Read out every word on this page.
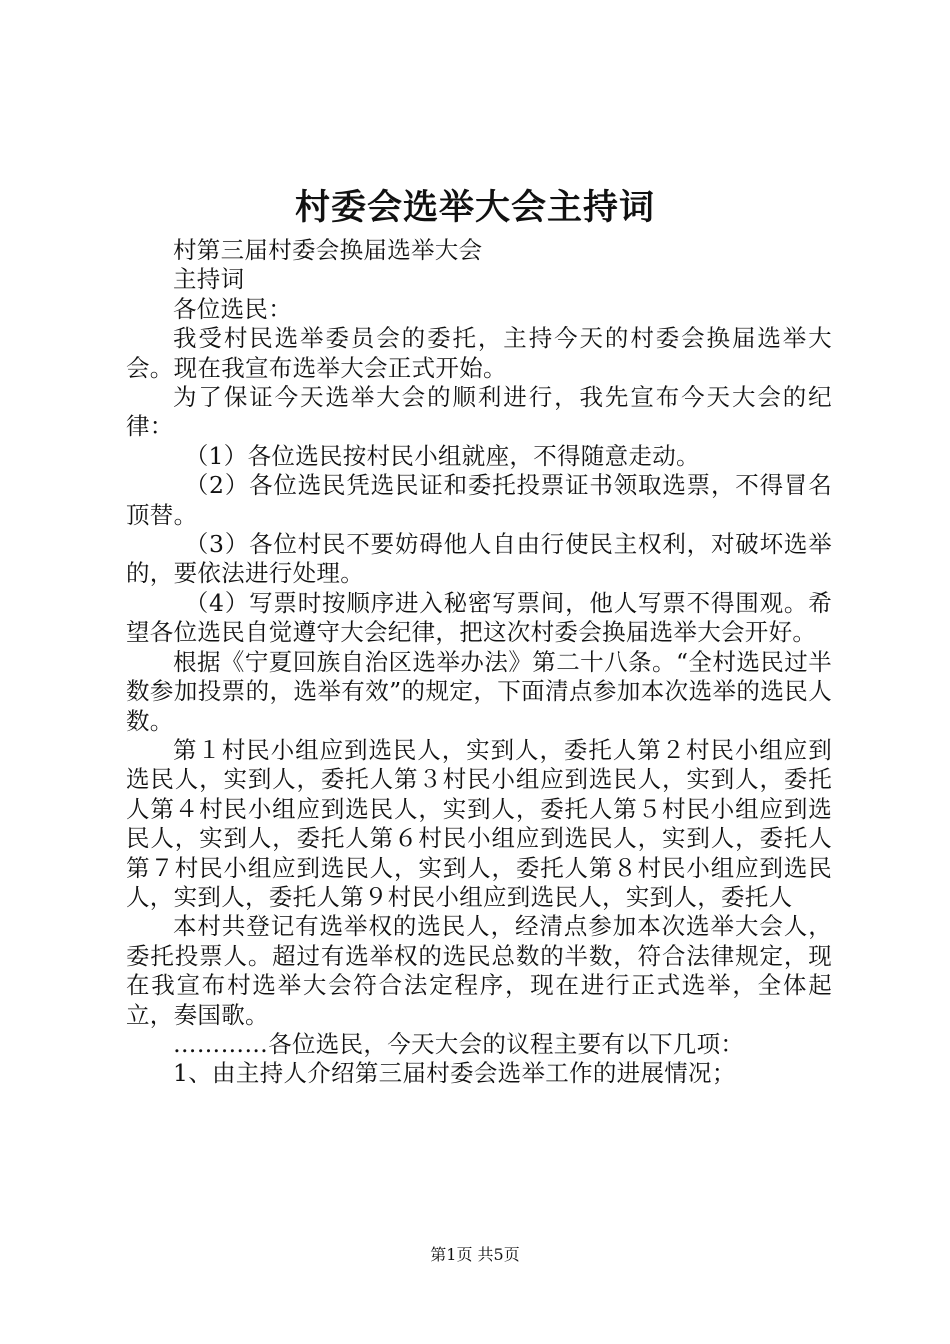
村委会选举大会主持词

村第三届村委会换届选举大会

主持词

各位选民：

我受村民选举委员会的委托，主持今天的村委会换届选举大会。现在我宣布选举大会正式开始。

为了保证今天选举大会的顺利进行，我先宣布今天大会的纪律：

（1）各位选民按村民小组就座，不得随意走动。

（2）各位选民凭选民证和委托投票证书领取选票，不得冒名顶替。

（3）各位村民不要妨碍他人自由行使民主权利，对破坏选举的，要依法进行处理。

（4）写票时按顺序进入秘密写票间，他人写票不得围观。希望各位选民自觉遵守大会纪律，把这次村委会换届选举大会开好。

根据《宁夏回族自治区选举办法》第二十八条。“全村选民过半数参加投票的，选举有效”的规定，下面清点参加本次选举的选民人数。

第１村民小组应到选民人，实到人，委托人第２村民小组应到选民人，实到人，委托人第３村民小组应到选民人，实到人，委托人第４村民小组应到选民人，实到人，委托人第５村民小组应到选民人，实到人，委托人第６村民小组应到选民人，实到人，委托人第７村民小组应到选民人，实到人，委托人第８村民小组应到选民人，实到人，委托人第９村民小组应到选民人，实到人，委托人

本村共登记有选举权的选民人，经清点参加本次选举大会人，委托投票人。超过有选举权的选民总数的半数，符合法律规定，现在我宣布村选举大会符合法定程序，现在进行正式选举，全体起立，奏国歌。

…………各位选民，今天大会的议程主要有以下几项：

1、由主持人介绍第三届村委会选举工作的进展情况；

第1页 共5页
